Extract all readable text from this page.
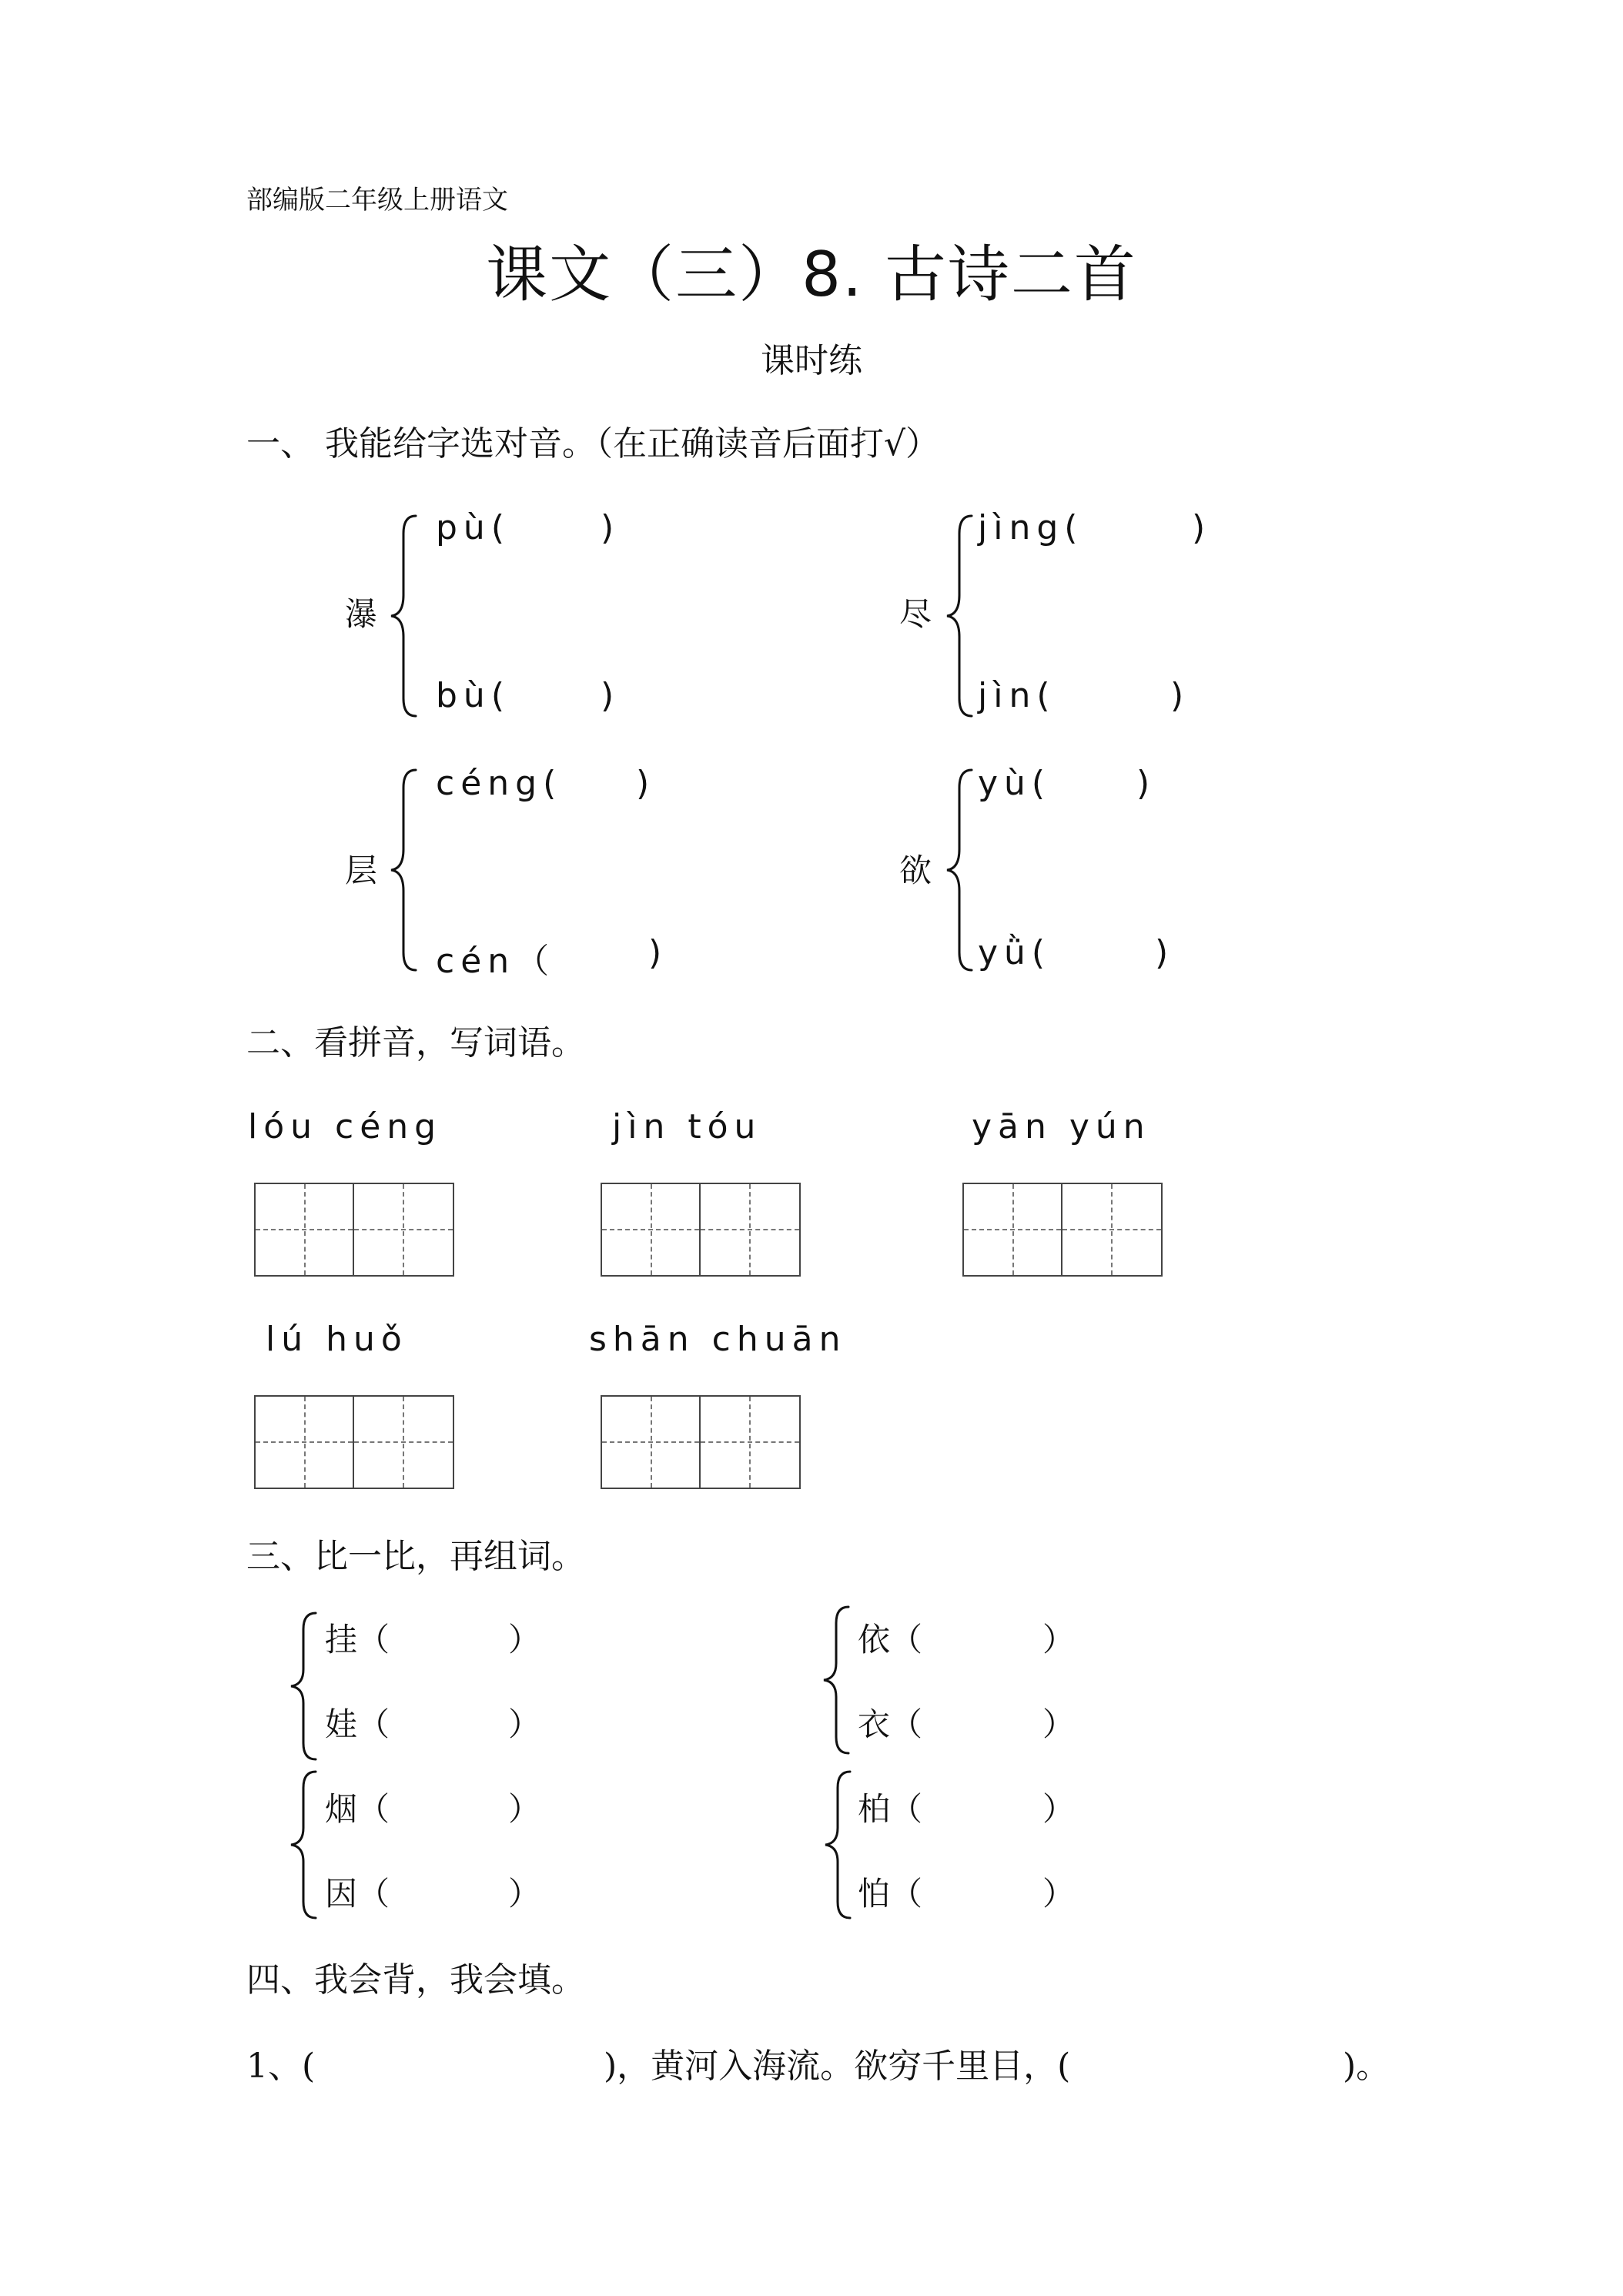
部编版二年级上册语文
课文（三）8. 古诗二首
课时练
一、 我能给字选对音。（在正确读音后面打√）
瀑
pù(	)
bù(	)
尽
jìng(	)
jìn(	)
层
céng( )
cén（	)
欲
yù(	)
yǜ(	)
二、看拼音，写词语。
lóu céng	jìn tóu	yān yún
lú huǒ	shān chuān
三、比一比，再组词。
挂（	）
娃（	）
依（	）
衣（	）
烟（	）
因（	）
柏（	）
怕（	）
四、我会背，我会填。
1、(	)，黄河入海流。欲穷千里目，(	)。
